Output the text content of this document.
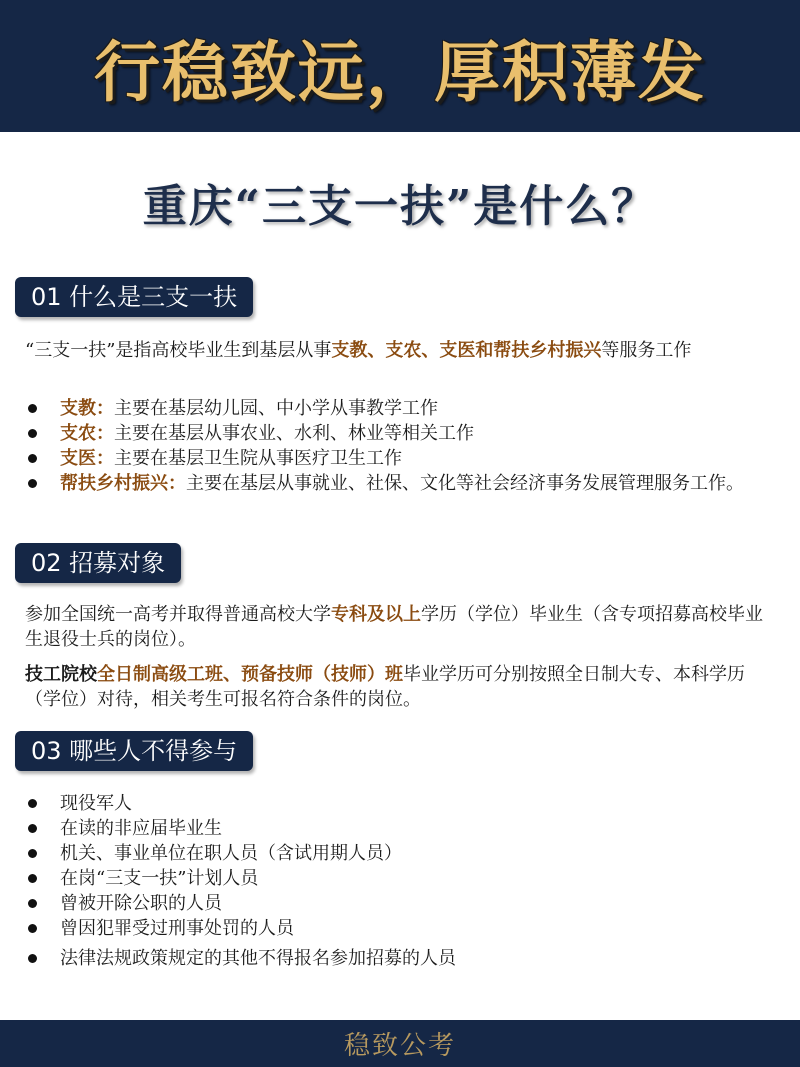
行稳致远，厚积薄发
重庆“三支一扶”是什么？
01 什么是三支一扶
“三支一扶”是指高校毕业生到基层从事支教、支农、支医和帮扶乡村振兴等服务工作
支教：主要在基层幼儿园、中小学从事教学工作
支农：主要在基层从事农业、水利、林业等相关工作
支医：主要在基层卫生院从事医疗卫生工作
帮扶乡村振兴：主要在基层从事就业、社保、文化等社会经济事务发展管理服务工作。
02 招募对象
参加全国统一高考并取得普通高校大学专科及以上学历（学位）毕业生（含专项招募高校毕业生退役士兵的岗位）。
技工院校全日制高级工班、预备技师（技师）班毕业学历可分别按照全日制大专、本科学历（学位）对待，相关考生可报名符合条件的岗位。
03 哪些人不得参与
现役军人
在读的非应届毕业生
机关、事业单位在职人员（含试用期人员）
在岗“三支一扶”计划人员
曾被开除公职的人员
曾因犯罪受过刑事处罚的人员
法律法规政策规定的其他不得报名参加招募的人员
稳致公考
